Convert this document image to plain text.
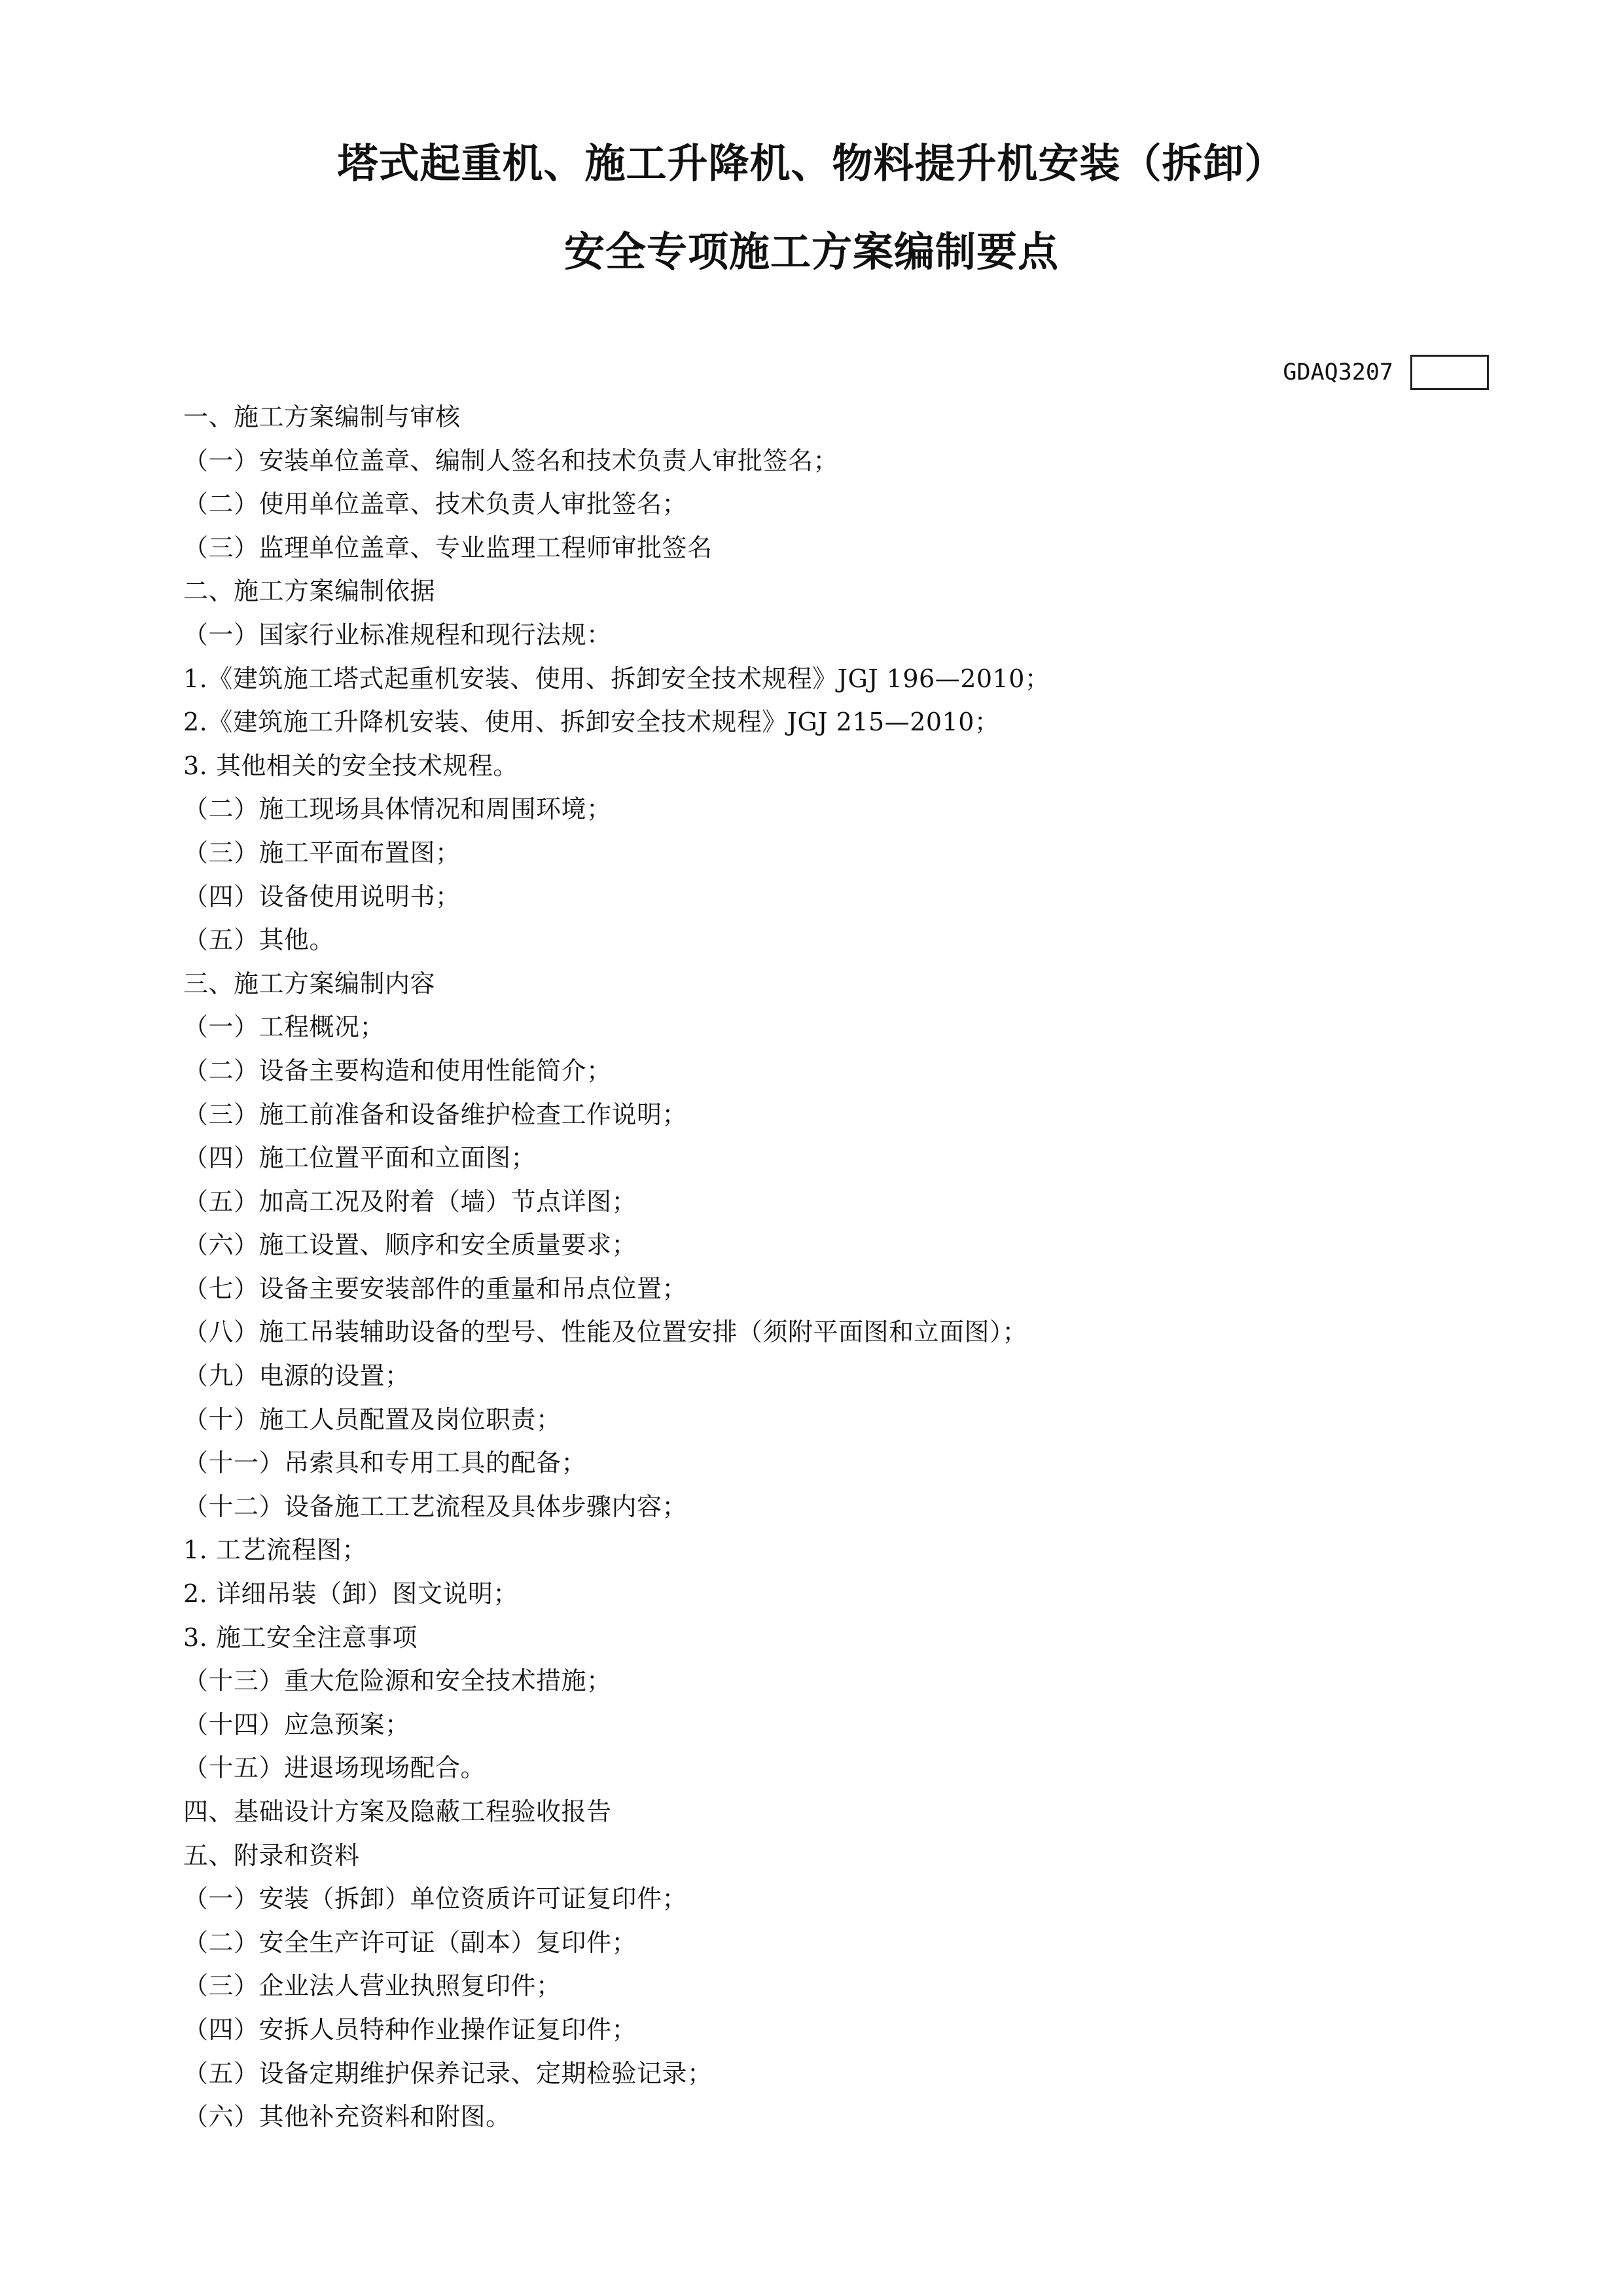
塔式起重机、施工升降机、物料提升机安装（拆卸）
安全专项施工方案编制要点
GDAQ3207
一、施工方案编制与审核
（一）安装单位盖章、编制人签名和技术负责人审批签名；
（二）使用单位盖章、技术负责人审批签名；
（三）监理单位盖章、专业监理工程师审批签名
二、施工方案编制依据
（一）国家行业标准规程和现行法规：
1.《建筑施工塔式起重机安装、使用、拆卸安全技术规程》JGJ 196—2010；
2.《建筑施工升降机安装、使用、拆卸安全技术规程》JGJ 215—2010；
3. 其他相关的安全技术规程。
（二）施工现场具体情况和周围环境；
（三）施工平面布置图；
（四）设备使用说明书；
（五）其他。
三、施工方案编制内容
（一）工程概况；
（二）设备主要构造和使用性能简介；
（三）施工前准备和设备维护检查工作说明；
（四）施工位置平面和立面图；
（五）加高工况及附着（墙）节点详图；
（六）施工设置、顺序和安全质量要求；
（七）设备主要安装部件的重量和吊点位置；
（八）施工吊装辅助设备的型号、性能及位置安排（须附平面图和立面图）；
（九）电源的设置；
（十）施工人员配置及岗位职责；
（十一）吊索具和专用工具的配备；
（十二）设备施工工艺流程及具体步骤内容；
1. 工艺流程图；
2. 详细吊装（卸）图文说明；
3. 施工安全注意事项
（十三）重大危险源和安全技术措施；
（十四）应急预案；
（十五）进退场现场配合。
四、基础设计方案及隐蔽工程验收报告
五、附录和资料
（一）安装（拆卸）单位资质许可证复印件；
（二）安全生产许可证（副本）复印件；
（三）企业法人营业执照复印件；
（四）安拆人员特种作业操作证复印件；
（五）设备定期维护保养记录、定期检验记录；
（六）其他补充资料和附图。
